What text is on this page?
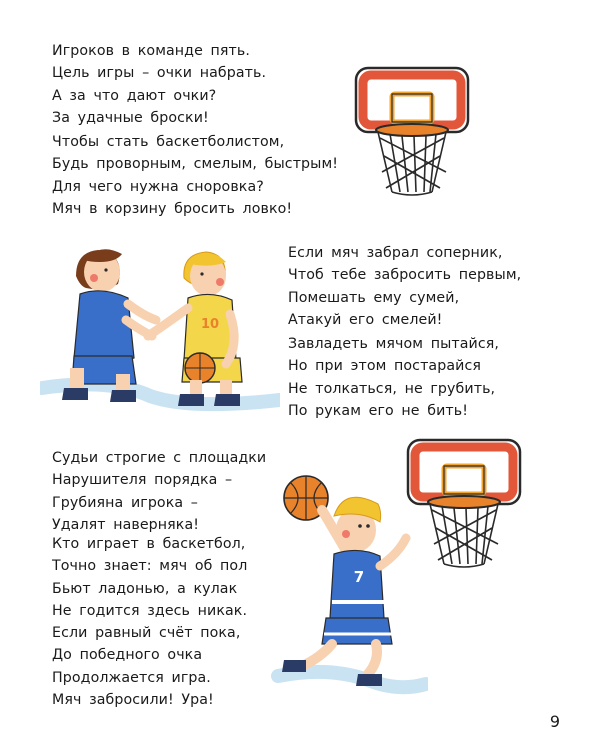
Игроков в команде пять.
Цель игры – очки набрать.
А за что дают очки?
За удачные броски!
Чтобы стать баскетболистом,
Будь проворным, смелым, быстрым!
Для чего нужна сноровка?
Мяч в корзину бросить ловко!
Если мяч забрал соперник,
Чтоб тебе забросить первым,
Помешать ему сумей,
Атакуй его смелей!
Завладеть мячом пытайся,
Но при этом постарайся
Не толкаться, не грубить,
По рукам его не бить!
Судьи строгие с площадки
Нарушителя порядка –
Грубияна игрока –
Удалят наверняка!
Кто играет в баскетбол,
Точно знает: мяч об пол
Бьют ладонью, а кулак
Не годится здесь никак.
Если равный счёт пока,
До победного очка
Продолжается игра.
Мяч забросили! Ура!
10
7
9
